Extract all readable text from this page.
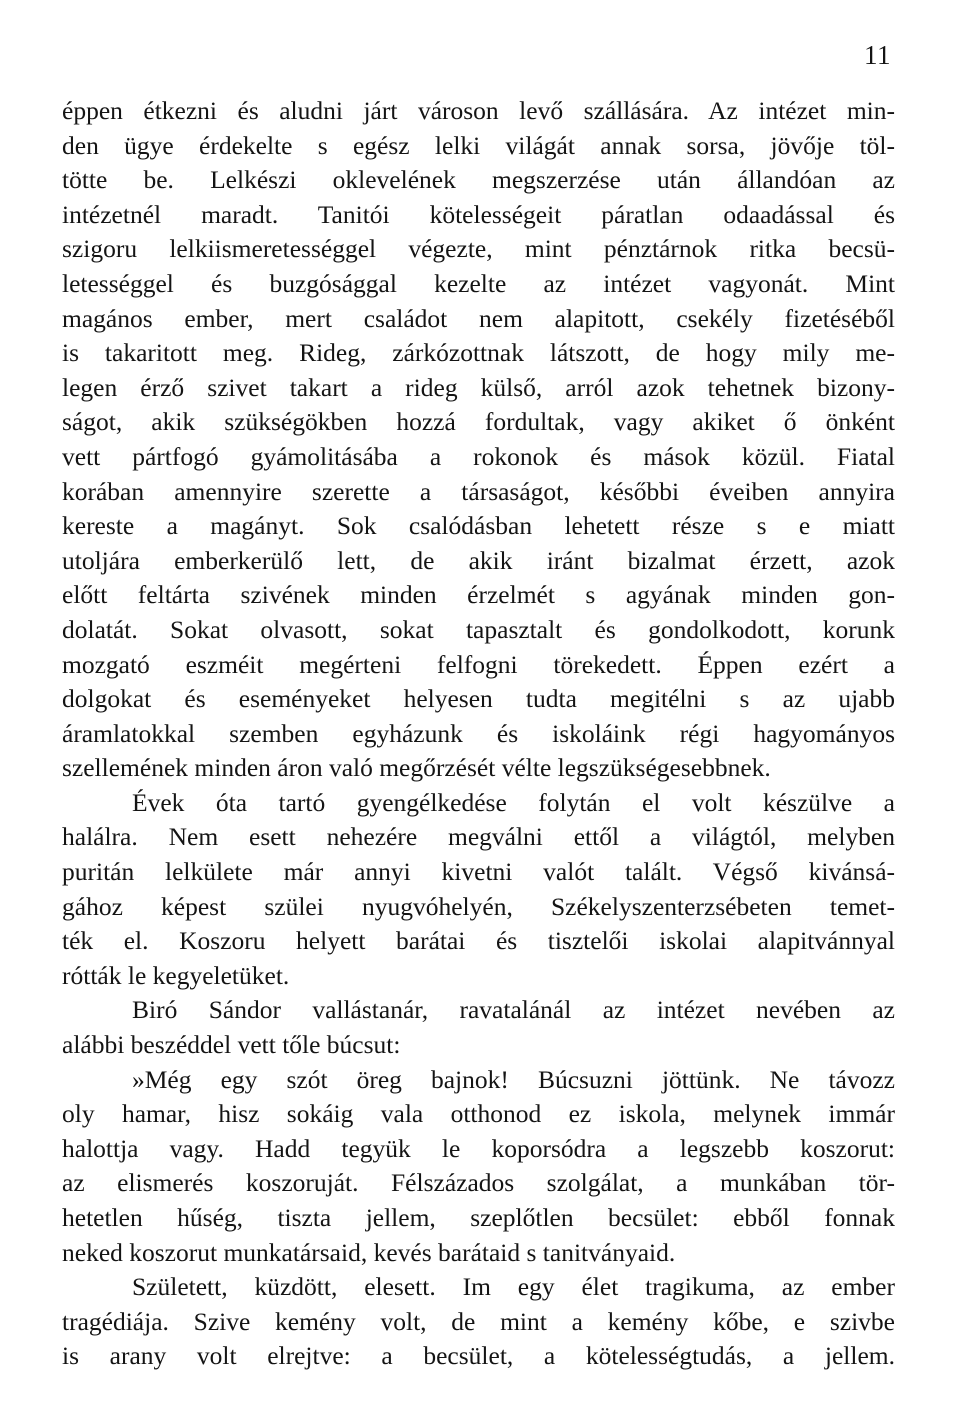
11
éppen étkezni és aludni járt városon levő szállására. Az intézet min-
den ügye érdekelte s egész lelki világát annak sorsa, jövője töl-
tötte be. Lelkészi oklevelének megszerzése után állandóan az
intézetnél maradt. Tanitói kötelességeit páratlan odaadással és
szigoru lelkiismeretességgel végezte, mint pénztárnok ritka becsü-
letességgel és buzgósággal kezelte az intézet vagyonát. Mint
magános ember, mert családot nem alapitott, csekély fizetéséből
is takaritott meg. Rideg, zárkózottnak látszott, de hogy mily me-
legen érző szivet takart a rideg külső, arról azok tehetnek bizony-
ságot, akik szükségökben hozzá fordultak, vagy akiket ő önként
vett pártfogó gyámolitásába a rokonok és mások közül. Fiatal
korában amennyire szerette a társaságot, későbbi éveiben annyira
kereste a magányt. Sok csalódásban lehetett része s e miatt
utoljára emberkerülő lett, de akik iránt bizalmat érzett, azok
előtt feltárta szivének minden érzelmét s agyának minden gon-
dolatát. Sokat olvasott, sokat tapasztalt és gondolkodott, korunk
mozgató eszméit megérteni felfogni törekedett. Éppen ezért a
dolgokat és eseményeket helyesen tudta megitélni s az ujabb
áramlatokkal szemben egyházunk és iskoláink régi hagyományos
szellemének minden áron való megőrzését vélte legszükségesebbnek.
Évek óta tartó gyengélkedése folytán el volt készülve a
halálra. Nem esett nehezére megválni ettől a világtól, melyben
puritán lelkülete már annyi kivetni valót talált. Végső kivánsá-
gához képest szülei nyugvóhelyén, Székelyszenterzsébeten temet-
ték el. Koszoru helyett barátai és tisztelői iskolai alapitvánnyal
rótták le kegyeletüket.
Biró Sándor vallástanár, ravatalánál az intézet nevében az
alábbi beszéddel vett tőle búcsut:
»Még egy szót öreg bajnok! Búcsuzni jöttünk. Ne távozz
oly hamar, hisz sokáig vala otthonod ez iskola, melynek immár
halottja vagy. Hadd tegyük le koporsódra a legszebb koszorut:
az elismerés koszoruját. Félszázados szolgálat, a munkában tör-
hetetlen hűség, tiszta jellem, szeplőtlen becsület: ebből fonnak
neked koszorut munkatársaid, kevés barátaid s tanitványaid.
Született, küzdött, elesett. Im egy élet tragikuma, az ember
tragédiája. Szive kemény volt, de mint a kemény kőbe, e szivbe
is arany volt elrejtve: a becsület, a kötelességtudás, a jellem.
